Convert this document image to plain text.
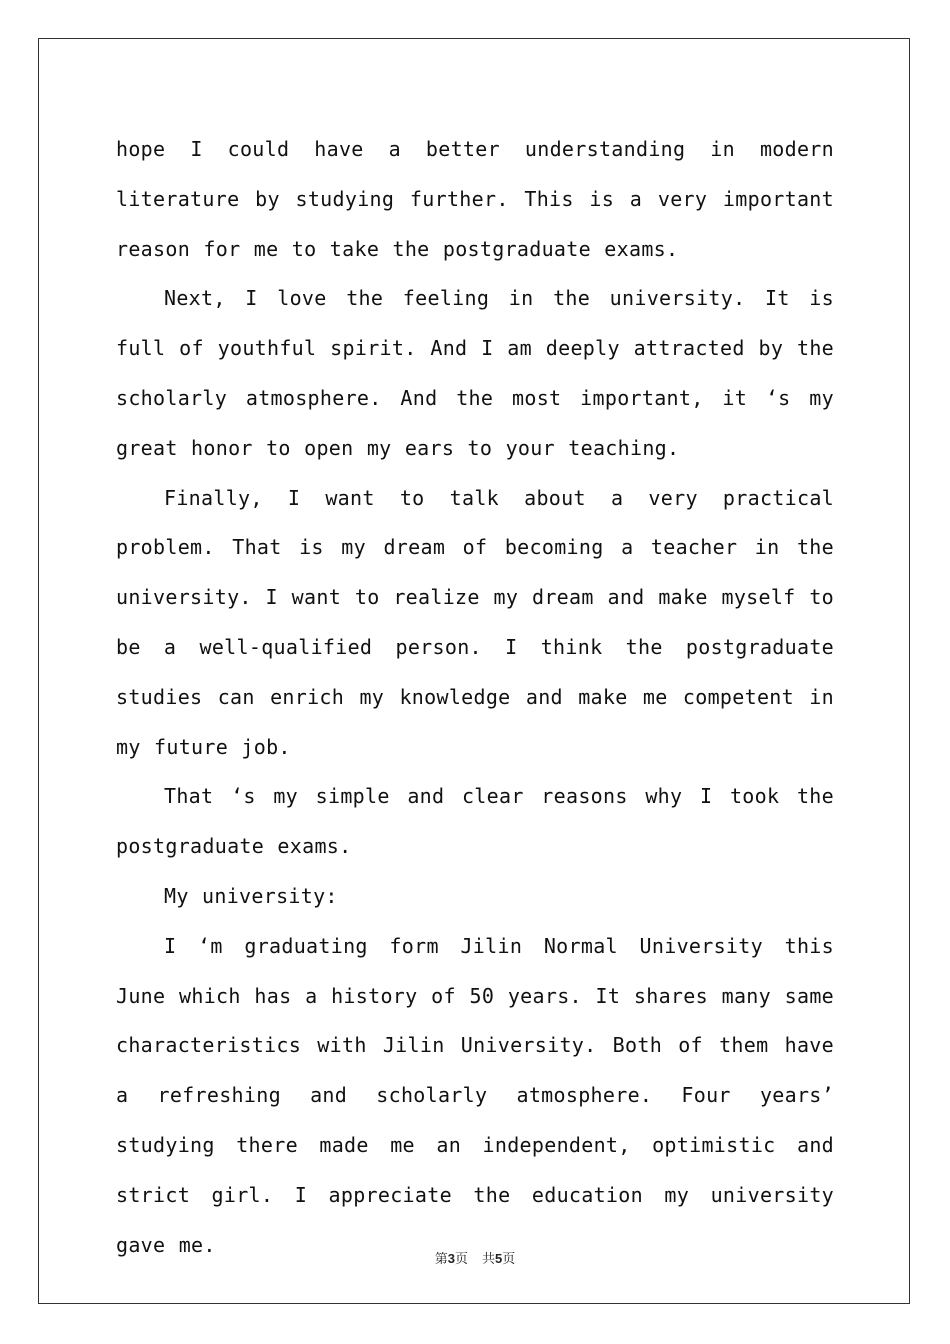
hope I could have a better understanding in modern literature by studying further. This is a very important reason for me to take the postgraduate exams.

Next, I love the feeling in the university. It is full of youthful spirit. And I am deeply attracted by the scholarly atmosphere. And the most important, it ‘s my great honor to open my ears to your teaching.

Finally, I want to talk about a very practical problem. That is my dream of becoming a teacher in the university. I want to realize my dream and make myself to be a well-qualified person. I think the postgraduate studies can enrich my knowledge and make me competent in my future job.

That ‘s my simple and clear reasons why I took the postgraduate exams.

My university:

I ‘m graduating form Jilin Normal University this June which has a history of 50 years. It shares many same characteristics with Jilin University. Both of them have a refreshing and scholarly atmosphere. Four years’ studying there made me an independent, optimistic and strict girl. I appreciate the education my university gave me.

第3页 共5页
